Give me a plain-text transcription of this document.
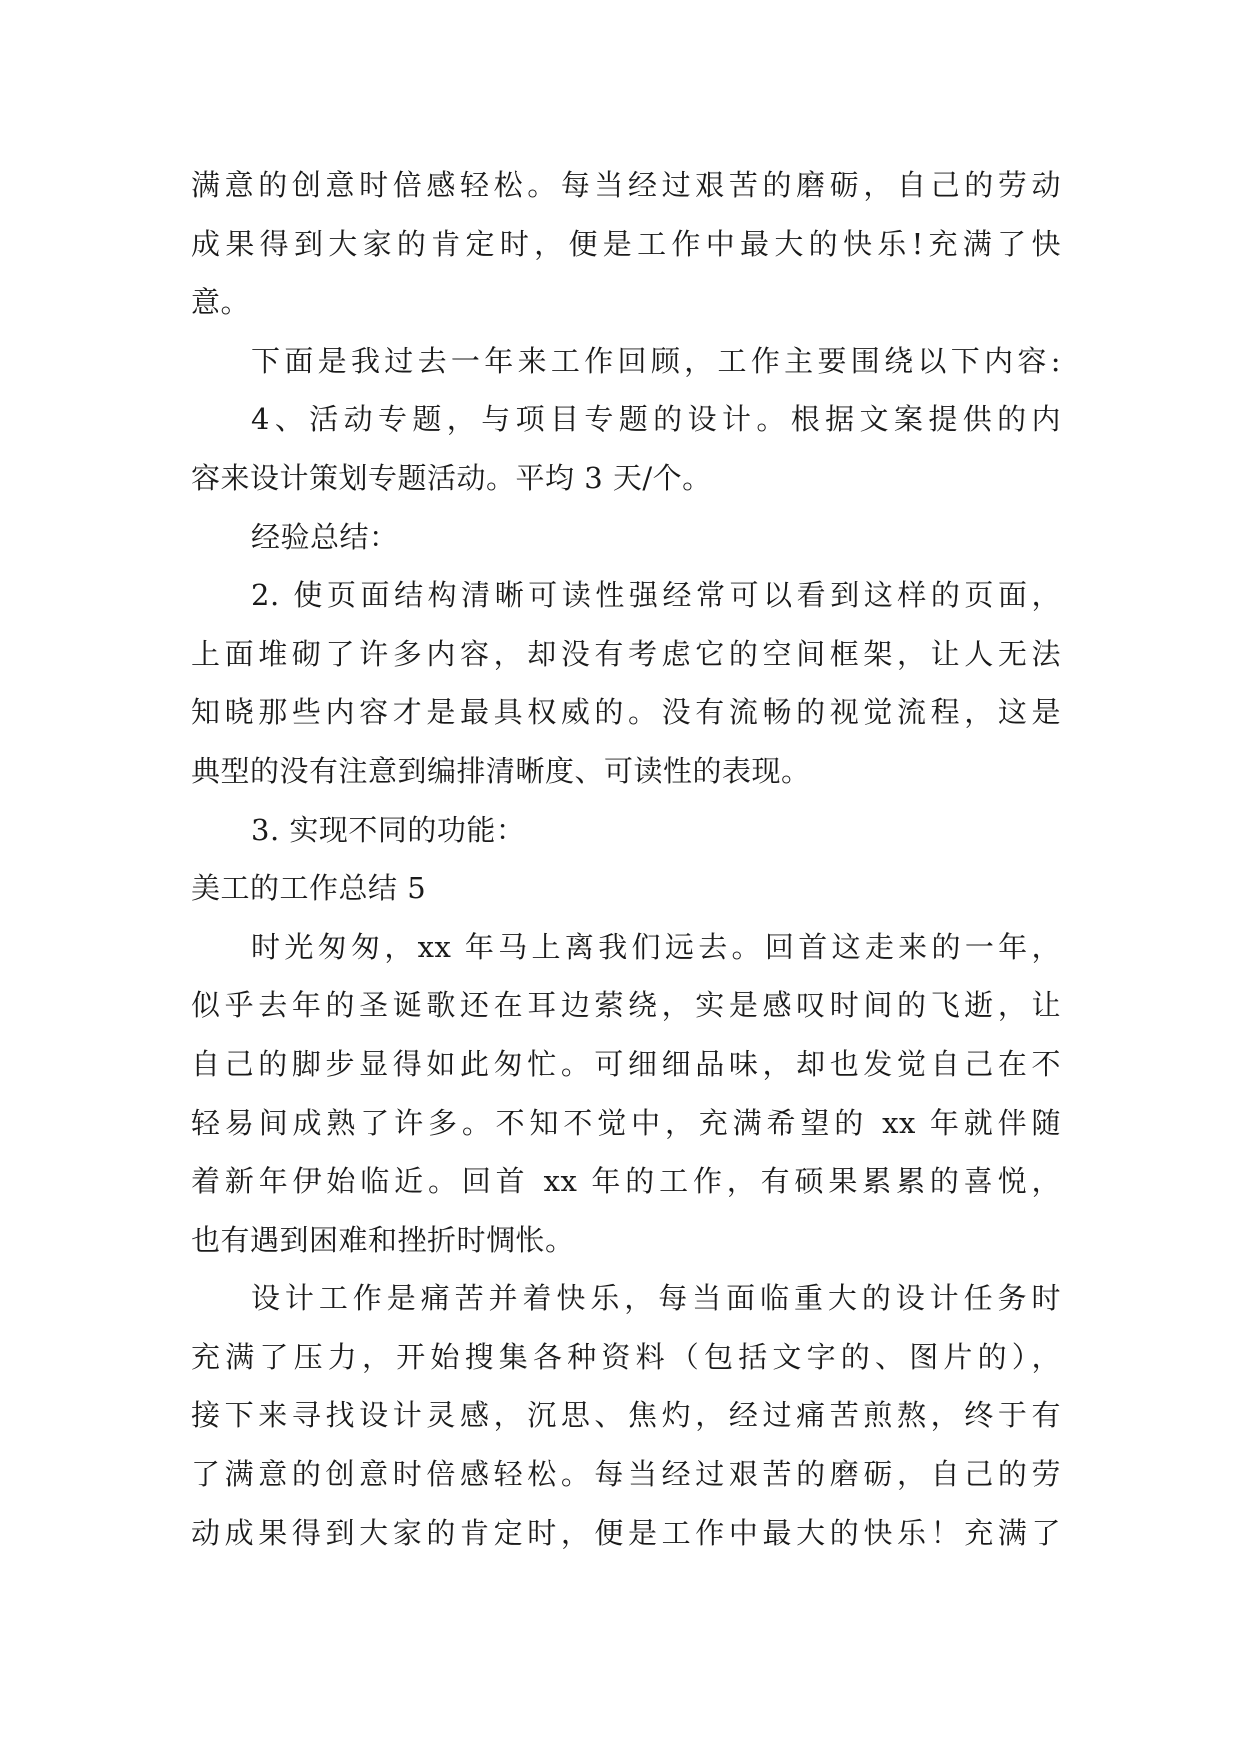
满意的创意时倍感轻松。每当经过艰苦的磨砺，自己的劳动
成果得到大家的肯定时，便是工作中最大的快乐!充满了快
意。
下面是我过去一年来工作回顾，工作主要围绕以下内容:
4、活动专题，与项目专题的设计。根据文案提供的内
容来设计策划专题活动。平均 3 天/个。
经验总结：
2. 使页面结构清晰可读性强经常可以看到这样的页面，
上面堆砌了许多内容，却没有考虑它的空间框架，让人无法
知晓那些内容才是最具权威的。没有流畅的视觉流程，这是
典型的没有注意到编排清晰度、可读性的表现。
3. 实现不同的功能：
美工的工作总结 5
时光匆匆，xx 年马上离我们远去。回首这走来的一年，
似乎去年的圣诞歌还在耳边萦绕，实是感叹时间的飞逝，让
自己的脚步显得如此匆忙。可细细品味，却也发觉自己在不
轻易间成熟了许多。不知不觉中，充满希望的 xx 年就伴随
着新年伊始临近。回首 xx 年的工作，有硕果累累的喜悦，
也有遇到困难和挫折时惆怅。
设计工作是痛苦并着快乐，每当面临重大的设计任务时
充满了压力，开始搜集各种资料（包括文字的、图片的），
接下来寻找设计灵感，沉思、焦灼，经过痛苦煎熬，终于有
了满意的创意时倍感轻松。每当经过艰苦的磨砺，自己的劳
动成果得到大家的肯定时，便是工作中最大的快乐！充满了
